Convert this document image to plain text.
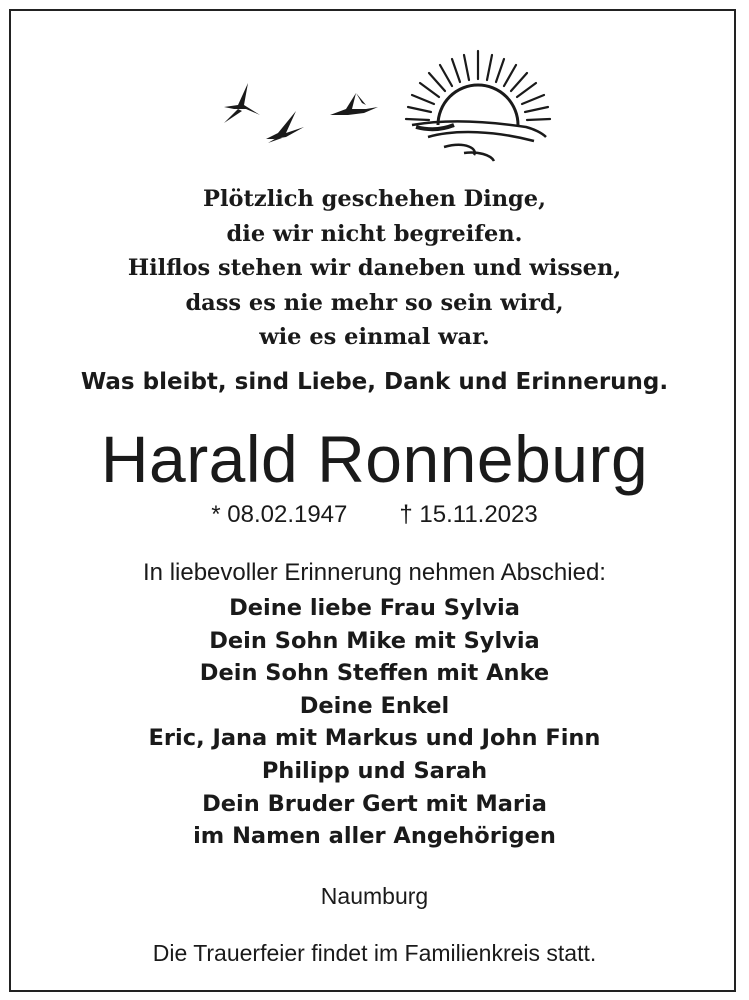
Plötzlich geschehen Dinge,
die wir nicht begreifen.
Hilflos stehen wir daneben und wissen,
dass es nie mehr so sein wird,
wie es einmal war.
Was bleibt, sind Liebe, Dank und Erinnerung.
Harald Ronneburg
* 08.02.1947 † 15.11.2023
In liebevoller Erinnerung nehmen Abschied:
Deine liebe Frau Sylvia
Dein Sohn Mike mit Sylvia
Dein Sohn Steffen mit Anke
Deine Enkel
Eric, Jana mit Markus und John Finn
Philipp und Sarah
Dein Bruder Gert mit Maria
im Namen aller Angehörigen
Naumburg
Die Trauerfeier findet im Familienkreis statt.
